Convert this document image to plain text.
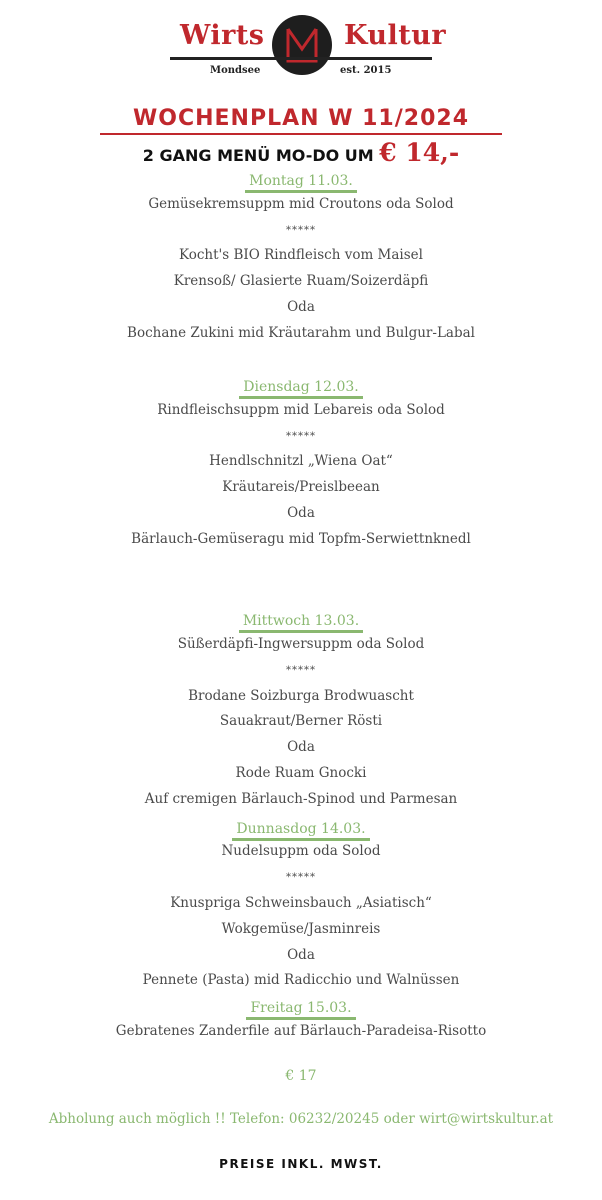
Wirts	Kultur
Mondsee	est. 2015
WOCHENPLAN W 11/2024
2 GANG MENÜ MO-DO UM € 14,-
Montag 11.03.
Gemüsekremsuppm mid Croutons oda Solod
*****
Kocht's BIO Rindfleisch vom Maisel
Krensoß/ Glasierte Ruam/Soizerdäpfi
Oda
Bochane Zukini mid Kräutarahm und Bulgur-Labal
Diensdag 12.03.
Rindfleischsuppm mid Lebareis oda Solod
*****
Hendlschnitzl „Wiena Oat“
Kräutareis/Preislbeean
Oda
Bärlauch-Gemüseragu mid Topfm-Serwiettnknedl
Mittwoch 13.03.
Süßerdäpfi-Ingwersuppm oda Solod
*****
Brodane Soizburga Brodwuascht
Sauakraut/Berner Rösti
Oda
Rode Ruam Gnocki
Auf cremigen Bärlauch-Spinod und Parmesan
Dunnasdog 14.03.
Nudelsuppm oda Solod
*****
Knuspriga Schweinsbauch „Asiatisch“
Wokgemüse/Jasminreis
Oda
Pennete (Pasta) mid Radicchio und Walnüssen
Freitag 15.03.
Gebratenes Zanderfile auf Bärlauch-Paradeisa-Risotto
€ 17
Abholung auch möglich !! Telefon: 06232/20245 oder wirt@wirtskultur.at
PREISE INKL. MWST.
